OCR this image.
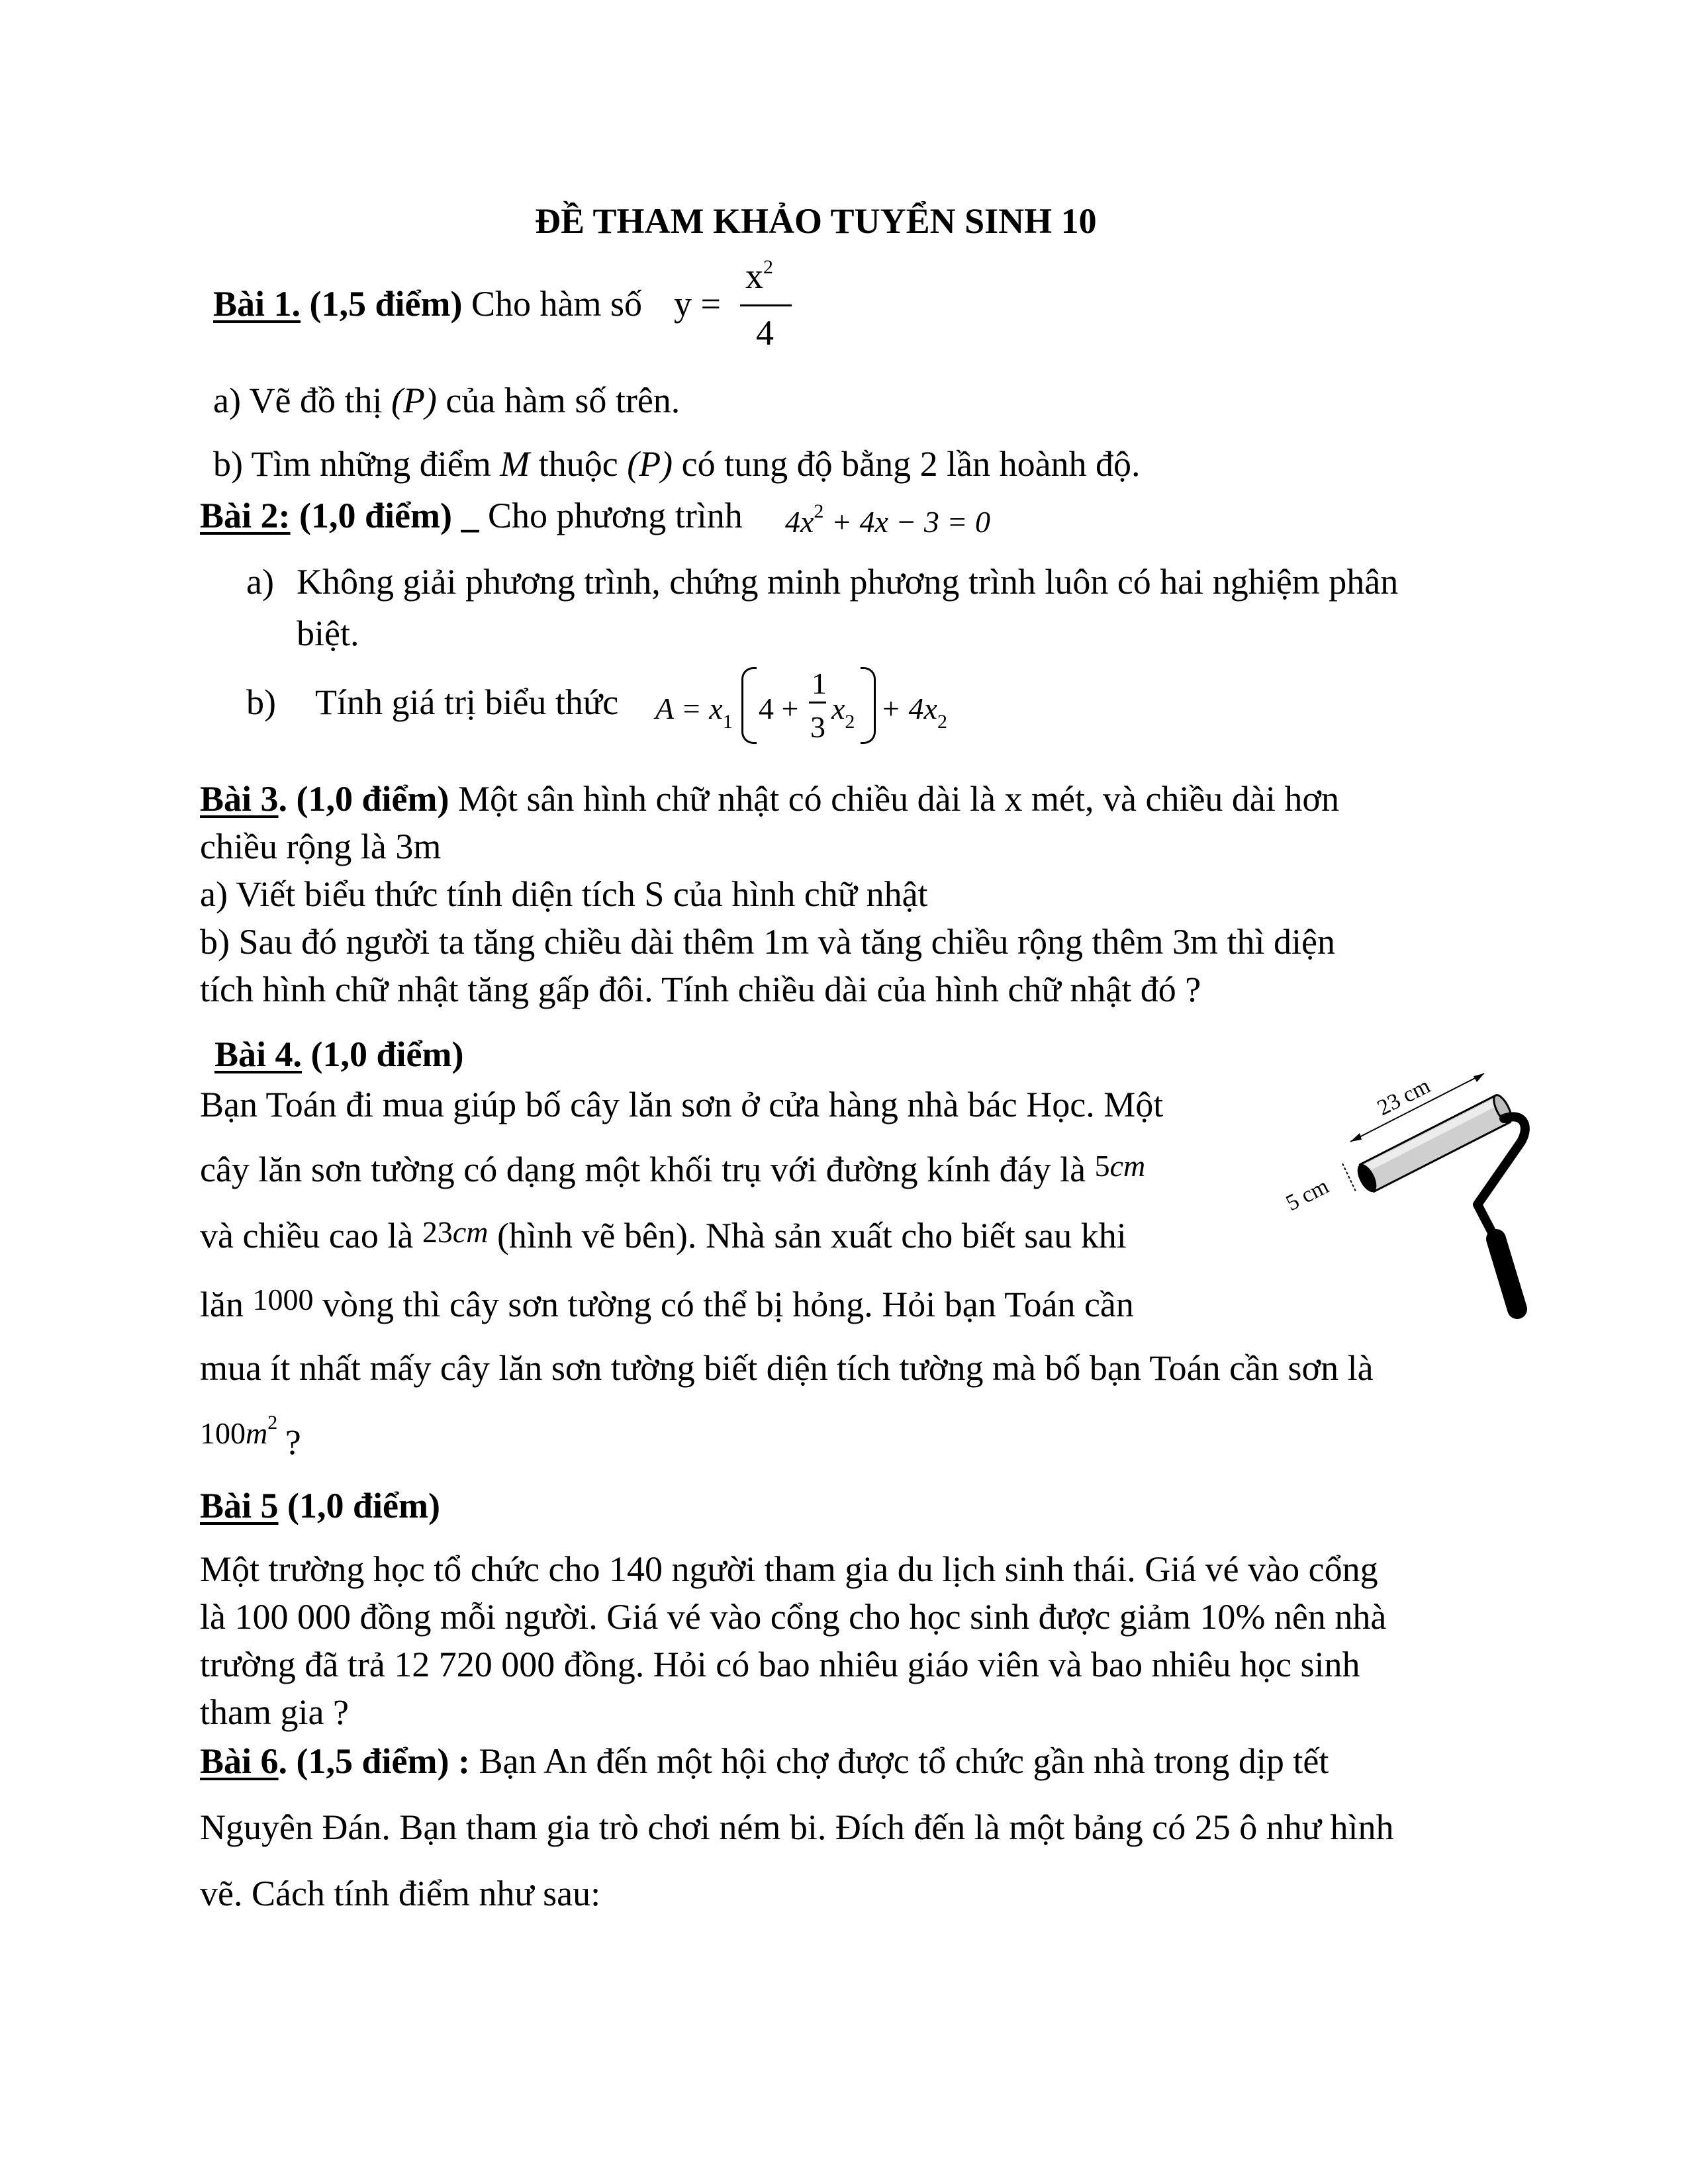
ĐỀ THAM KHẢO TUYỂN SINH 10
Bài 1. (1,5 điểm) Cho hàm số y =
$x^2$
4
a) Vẽ đồ thị (P) của hàm số trên.
b) Tìm những điểm M thuộc (P) có tung độ bằng 2 lần hoành độ.
Bài 2: (1,0 điểm) _ Cho phương trình $4x^2 + 4x - 3 = 0$
a) Không giải phương trình, chứng minh phương trình luôn có hai nghiệm phân
biệt.
b) Tính giá trị biểu thức $A = x_1$ 4 +
1
3
$x_2 + 4x_2$
Bài 3. (1,0 điểm) Một sân hình chữ nhật có chiều dài là x mét, và chiều dài hơn
chiều rộng là 3m
a) Viết biểu thức tính diện tích S của hình chữ nhật
b) Sau đó người ta tăng chiều dài thêm 1m và tăng chiều rộng thêm 3m thì diện
tích hình chữ nhật tăng gấp đôi. Tính chiều dài của hình chữ nhật đó ?
Bài 4. (1,0 điểm)
Bạn Toán đi mua giúp bố cây lăn sơn ở cửa hàng nhà bác Học. Một
cây lăn sơn tường có dạng một khối trụ với đường kính đáy là 5cm
và chiều cao là 23cm (hình vẽ bên). Nhà sản xuất cho biết sau khi
lăn 1000 vòng thì cây sơn tường có thể bị hỏng. Hỏi bạn Toán cần
mua ít nhất mấy cây lăn sơn tường biết diện tích tường mà bố bạn Toán cần sơn là
$100m^2$ ?
23 cm
5 cm
Bài 5 (1,0 điểm)
Một trường học tổ chức cho 140 người tham gia du lịch sinh thái. Giá vé vào cổng
là 100 000 đồng mỗi người. Giá vé vào cổng cho học sinh được giảm 10% nên nhà
trường đã trả 12 720 000 đồng. Hỏi có bao nhiêu giáo viên và bao nhiêu học sinh
tham gia ?
Bài 6. (1,5 điểm) : Bạn An đến một hội chợ được tổ chức gần nhà trong dịp tết
Nguyên Đán. Bạn tham gia trò chơi ném bi. Đích đến là một bảng có 25 ô như hình
vẽ. Cách tính điểm như sau:
